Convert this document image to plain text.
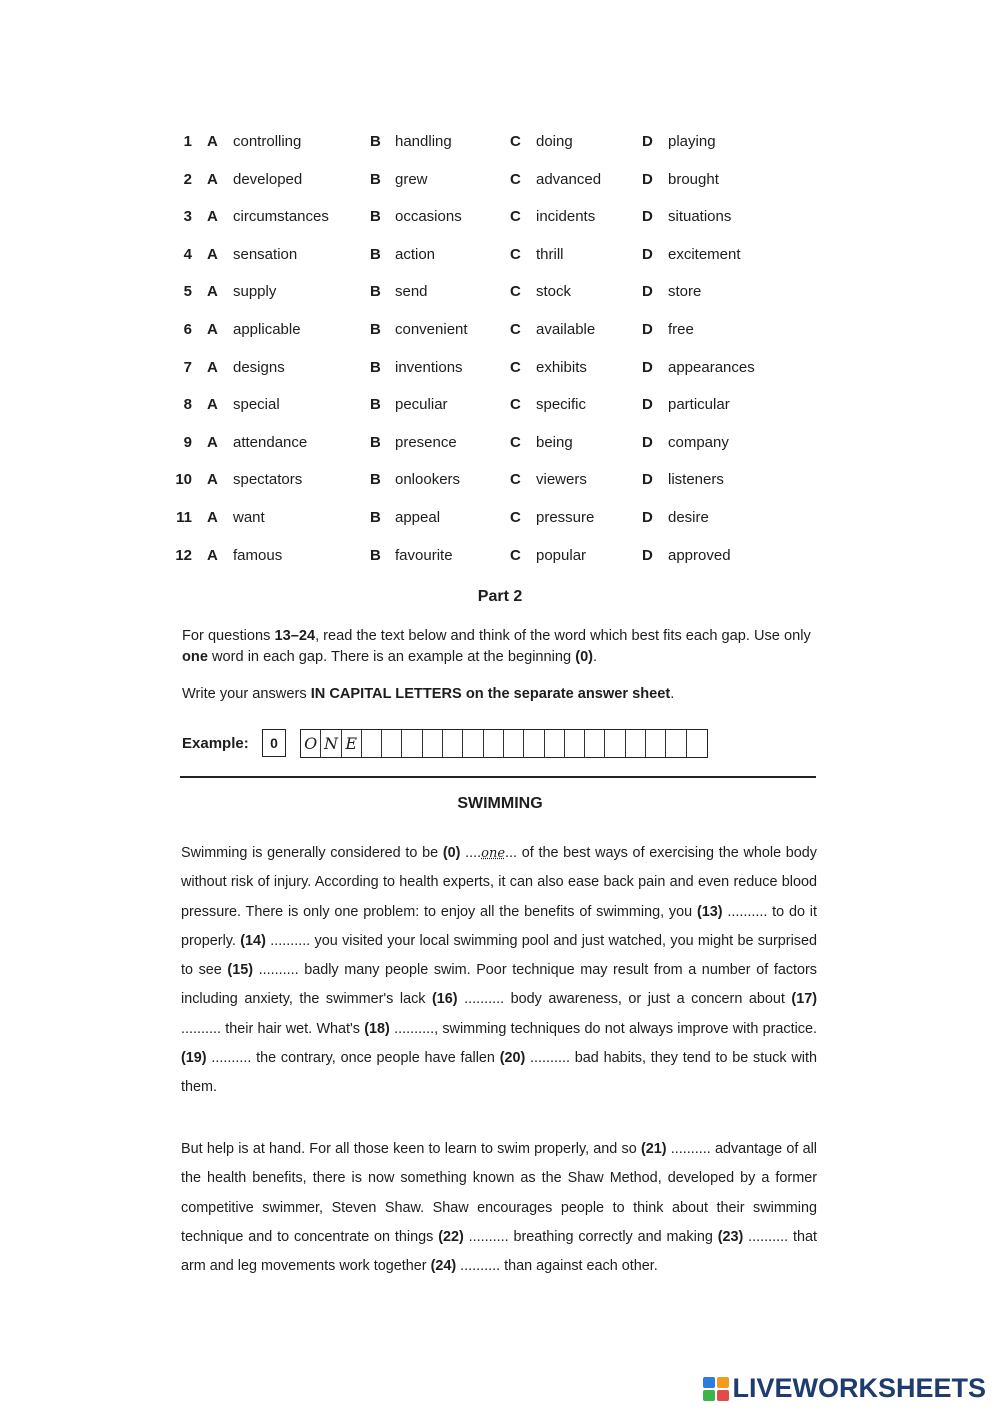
1 A controlling	B handling	C doing	D playing
2 A developed	B grew	C advanced	D brought
3 A circumstances	B occasions	C incidents	D situations
4 A sensation	B action	C thrill	D excitement
5 A supply	B send	C stock	D store
6 A applicable	B convenient	C available	D free
7 A designs	B inventions	C exhibits	D appearances
8 A special	B peculiar	C specific	D particular
9 A attendance	B presence	C being	D company
10 A spectators	B onlookers	C viewers	D listeners
11 A want	B appeal	C pressure	D desire
12 A famous	B favourite	C popular	D approved
Part 2
For questions 13–24, read the text below and think of the word which best fits each gap. Use only one word in each gap. There is an example at the beginning (0).
Write your answers IN CAPITAL LETTERS on the separate answer sheet.
Example:	0	O N E
SWIMMING
Swimming is generally considered to be (0) ....one... of the best ways of exercising the whole body without risk of injury. According to health experts, it can also ease back pain and even reduce blood pressure. There is only one problem: to enjoy all the benefits of swimming, you (13) .......... to do it properly. (14) .......... you visited your local swimming pool and just watched, you might be surprised to see (15) .......... badly many people swim. Poor technique may result from a number of factors including anxiety, the swimmer's lack (16) .......... body awareness, or just a concern about (17) .......... their hair wet. What's (18) .........., swimming techniques do not always improve with practice. (19) .......... the contrary, once people have fallen (20) .......... bad habits, they tend to be stuck with them.
But help is at hand. For all those keen to learn to swim properly, and so (21) .......... advantage of all the health benefits, there is now something known as the Shaw Method, developed by a former competitive swimmer, Steven Shaw. Shaw encourages people to think about their swimming technique and to concentrate on things (22) .......... breathing correctly and making (23) .......... that arm and leg movements work together (24) .......... than against each other.
LIVEWORKSHEETS
